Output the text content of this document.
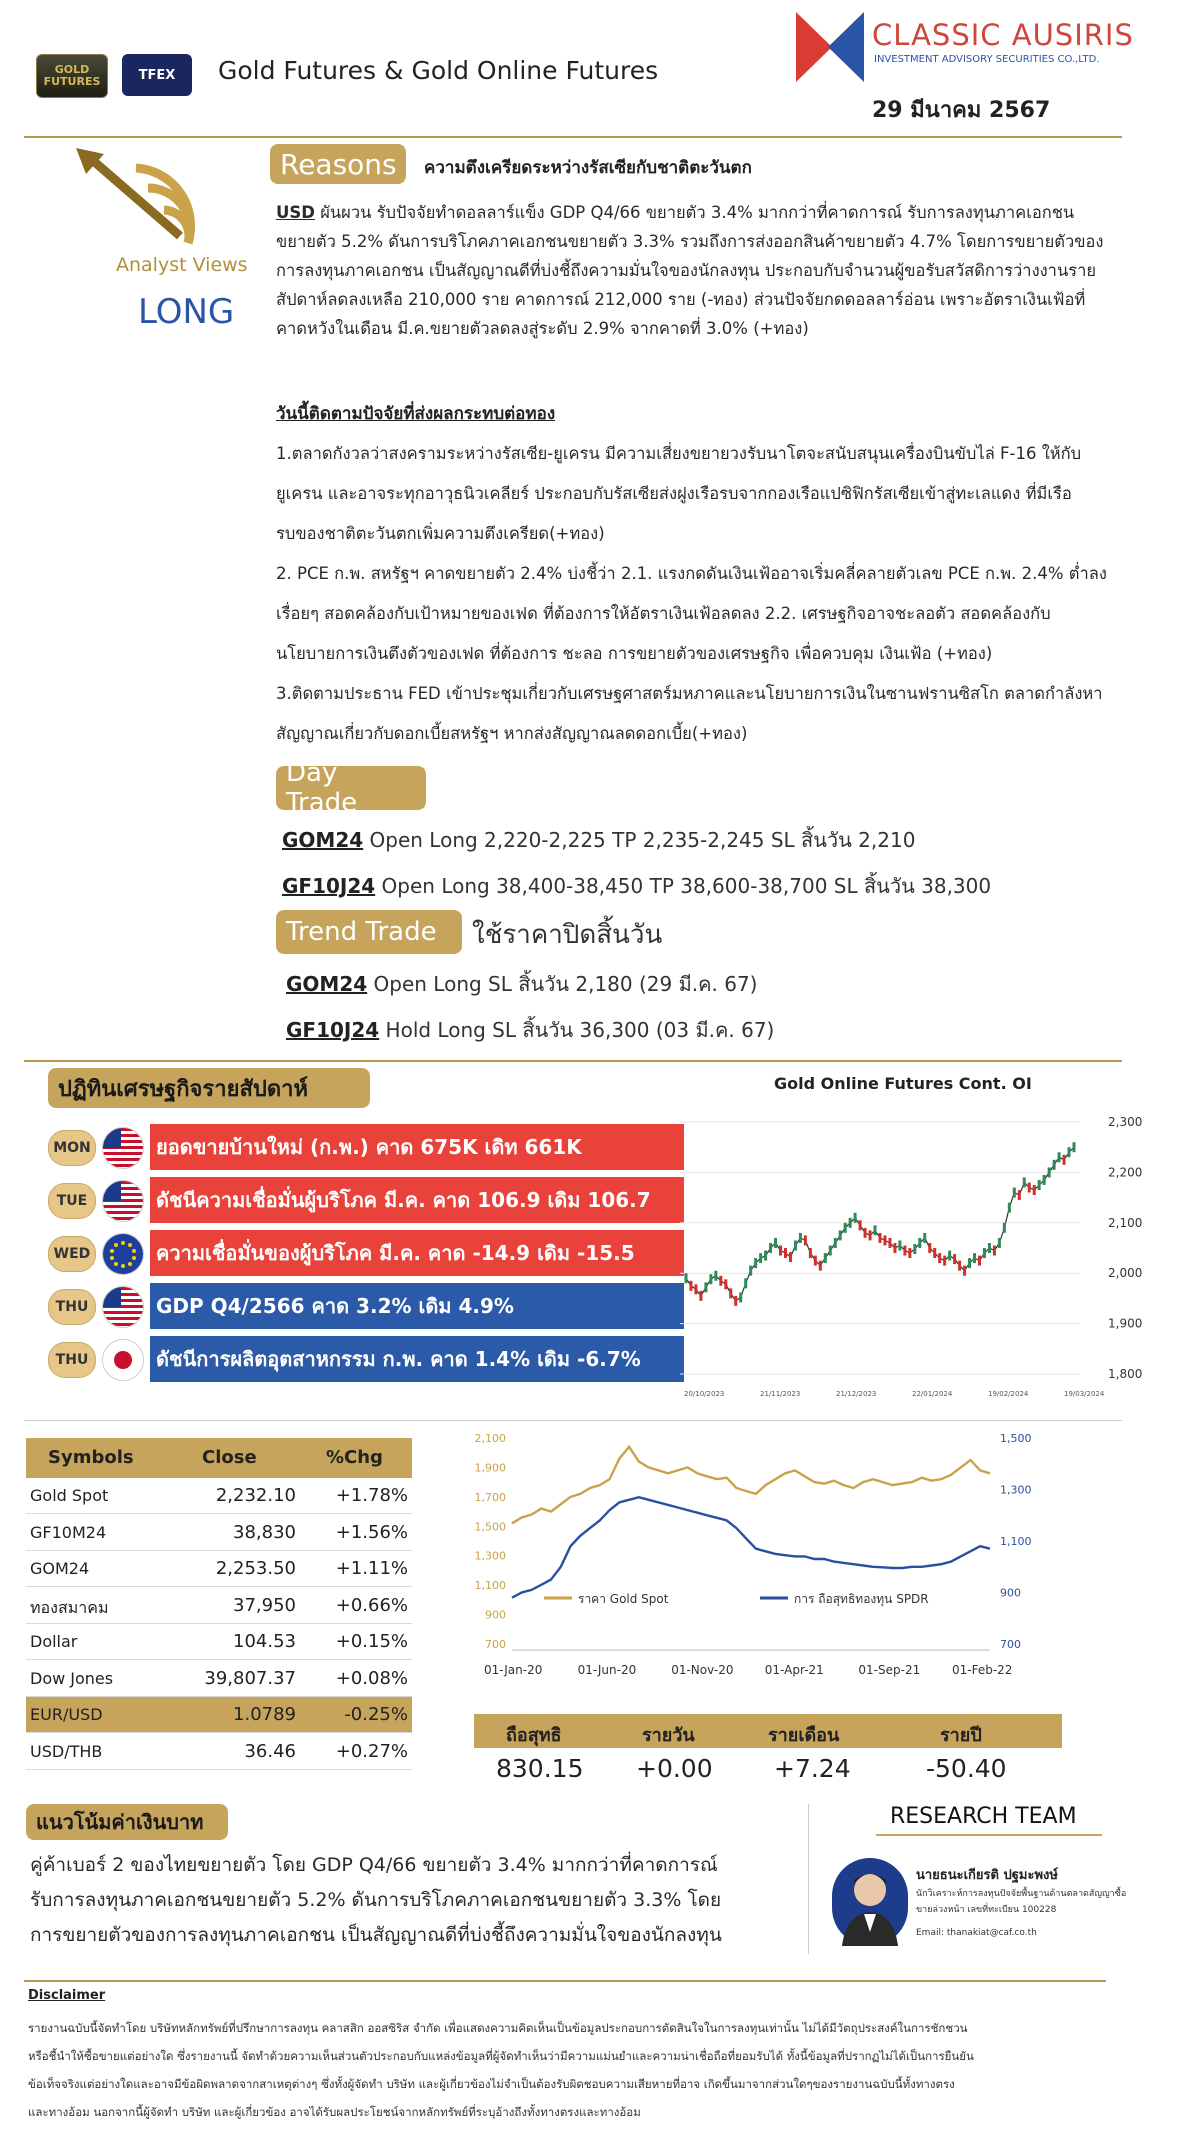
GOLD FUTURES	TFEX	Gold Futures & Gold Online Futures
CLASSIC AUSIRIS
INVESTMENT ADVISORY SECURITIES CO.,LTD.
29 มีนาคม 2567
Analyst Views
LONG
Reasons	ความตึงเครียดระหว่างรัสเซียกับชาติตะวันตก
USD ผันผวน รับปัจจัยทำดอลลาร์แข็ง GDP Q4/66 ขยายตัว 3.4% มากกว่าที่คาดการณ์ รับการลงทุนภาคเอกชน
ขยายตัว 5.2% ดันการบริโภคภาคเอกชนขยายตัว 3.3% รวมถึงการส่งออกสินค้าขยายตัว 4.7% โดยการขยายตัวของ
การลงทุนภาคเอกชน เป็นสัญญาณดีที่บ่งชี้ถึงความมั่นใจของนักลงทุน ประกอบกับจำนวนผู้ขอรับสวัสดิการว่างงานราย
สัปดาห์ลดลงเหลือ 210,000 ราย คาดการณ์ 212,000 ราย (-ทอง) ส่วนปัจจัยกดดอลลาร์อ่อน เพราะอัตราเงินเฟ้อที่
คาดหวังในเดือน มี.ค.ขยายตัวลดลงสู่ระดับ 2.9% จากคาดที่ 3.0% (+ทอง)
วันนี้ติดตามปัจจัยที่ส่งผลกระทบต่อทอง
1.ตลาดกังวลว่าสงครามระหว่างรัสเซีย-ยูเครน มีความเสี่ยงขยายวงรับนาโตจะสนับสนุนเครื่องบินขับไล่ F-16 ให้กับ
ยูเครน และอาจระทุกอาวุธนิวเคลียร์ ประกอบกับรัสเซียส่งฝูงเรือรบจากกองเรือแปซิฟิกรัสเซียเข้าสู่ทะเลแดง ที่มีเรือ
รบของชาติตะวันตกเพิ่มความตึงเครียด(+ทอง)
2. PCE ก.พ. สหรัฐฯ คาดขยายตัว 2.4% บ่งชี้ว่า 2.1. แรงกดดันเงินเฟ้ออาจเริ่มคลี่คลายตัวเลข PCE ก.พ. 2.4% ต่ำลง
เรื่อยๆ สอดคล้องกับเป้าหมายของเฟด ที่ต้องการให้อัตราเงินเฟ้อลดลง 2.2. เศรษฐกิจอาจชะลอตัว สอดคล้องกับ
นโยบายการเงินตึงตัวของเฟด ที่ต้องการ ชะลอ การขยายตัวของเศรษฐกิจ เพื่อควบคุม เงินเฟ้อ (+ทอง)
3.ติดตามประธาน FED เข้าประชุมเกี่ยวกับเศรษฐศาสตร์มหภาคและนโยบายการเงินในซานฟรานซิสโก ตลาดกำลังหา
สัญญาณเกี่ยวกับดอกเบี้ยสหรัฐฯ หากส่งสัญญาณลดดอกเบี้ย(+ทอง)
Day Trade
GOM24 Open Long 2,220-2,225 TP 2,235-2,245 SL สิ้นวัน 2,210
GF10J24 Open Long 38,400-38,450 TP 38,600-38,700 SL สิ้นวัน 38,300
Trend Trade	ใช้ราคาปิดสิ้นวัน
GOM24 Open Long SL สิ้นวัน 2,180 (29 มี.ค. 67)
GF10J24 Hold Long SL สิ้นวัน 36,300 (03 มี.ค. 67)
ปฏิทินเศรษฐกิจรายสัปดาห์
MON
TUE
WED
THU
THU
ยอดขายบ้านใหม่ (ก.พ.) คาด 675K เดิท 661K
ดัชนีความเชื่อมั่นผู้บริโภค มี.ค. คาด 106.9 เดิม 106.7
ความเชื่อมั่นของผู้บริโภค มี.ค. คาด -14.9 เดิม -15.5
GDP Q4/2566 คาด 3.2% เดิม 4.9%
ดัชนีการผลิตอุตสาหกรรม ก.พ. คาด 1.4% เดิม -6.7%
Gold Online Futures Cont. OI
1,800
1,900
2,000
2,100
2,200
2,300
20/10/2023	21/11/2023	21/12/2023	22/01/2024	19/02/2024	19/03/2024
Symbols	Close	%Chg
Gold Spot	2,232.10 +1.78%
GF10M24	38,830 +1.56%
GOM24	2,253.50 +1.11%
ทองสมาคม	37,950 +0.66%
Dollar	104.53 +0.15%
Dow Jones	39,807.37 +0.08%
EUR/USD	1.0789	-0.25%
USD/THB	36.46 +0.27%
700
900
1,100
1,300
1,500
1,700
1,900
2,100
700
900
1,100
1,300
1,500
ราคา Gold Spot	การ ถือสุทธิทองทุน SPDR
01-Jan-20	01-Jun-20	01-Nov-20	01-Apr-21	01-Sep-21	01-Feb-22
ถือสุทธิ	รายวัน	รายเดือน	รายปี
830.15 +0.00 +7.24	-50.40
แนวโน้มค่าเงินบาท
คู่ค้าเบอร์ 2 ของไทยขยายตัว โดย GDP Q4/66 ขยายตัว 3.4% มากกว่าที่คาดการณ์
รับการลงทุนภาคเอกชนขยายตัว 5.2% ดันการบริโภคภาคเอกชนขยายตัว 3.3% โดย
การขยายตัวของการลงทุนภาคเอกชน เป็นสัญญาณดีที่บ่งชี้ถึงความมั่นใจของนักลงทุน
RESEARCH TEAM
นายธนะเกียรติ ปฐมะพงษ์
นักวิเคราะห์การลงทุนปัจจัยพื้นฐานด้านตลาดสัญญาซื้อ
ขายล่วงหน้า เลขที่ทะเบียน 100228
Email: thanakiat@caf.co.th
Disclaimer
รายงานฉบับนี้จัดทำโดย บริษัทหลักทรัพย์ที่ปรึกษาการลงทุน คลาสสิก ออสซิริส จำกัด เพื่อแสดงความคิดเห็นเป็นข้อมูลประกอบการตัดสินใจในการลงทุนเท่านั้น ไม่ได้มีวัตถุประสงค์ในการชักชวน
หรือชี้นำให้ซื้อขายแต่อย่างใด ซึ่งรายงานนี้ จัดทำด้วยความเห็นส่วนตัวประกอบกับแหล่งข้อมูลที่ผู้จัดทำเห็นว่ามีความแม่นยำและความน่าเชื่อถือที่ยอมรับได้ ทั้งนี้ข้อมูลที่ปรากฏไม่ได้เป็นการยืนยัน
ข้อเท็จจริงแต่อย่างใดและอาจมีข้อผิดพลาดจากสาเหตุต่างๆ ซึ่งทั้งผู้จัดทำ บริษัท และผู้เกี่ยวข้องไม่จำเป็นต้องรับผิดชอบความเสียหายที่อาจ เกิดขึ้นมาจากส่วนใดๆของรายงานฉบับนี้ทั้งทางตรง
และทางอ้อม นอกจากนี้ผู้จัดทำ บริษัท และผู้เกี่ยวข้อง อาจได้รับผลประโยชน์จากหลักทรัพย์ที่ระบุอ้างถึงทั้งทางตรงและทางอ้อม
